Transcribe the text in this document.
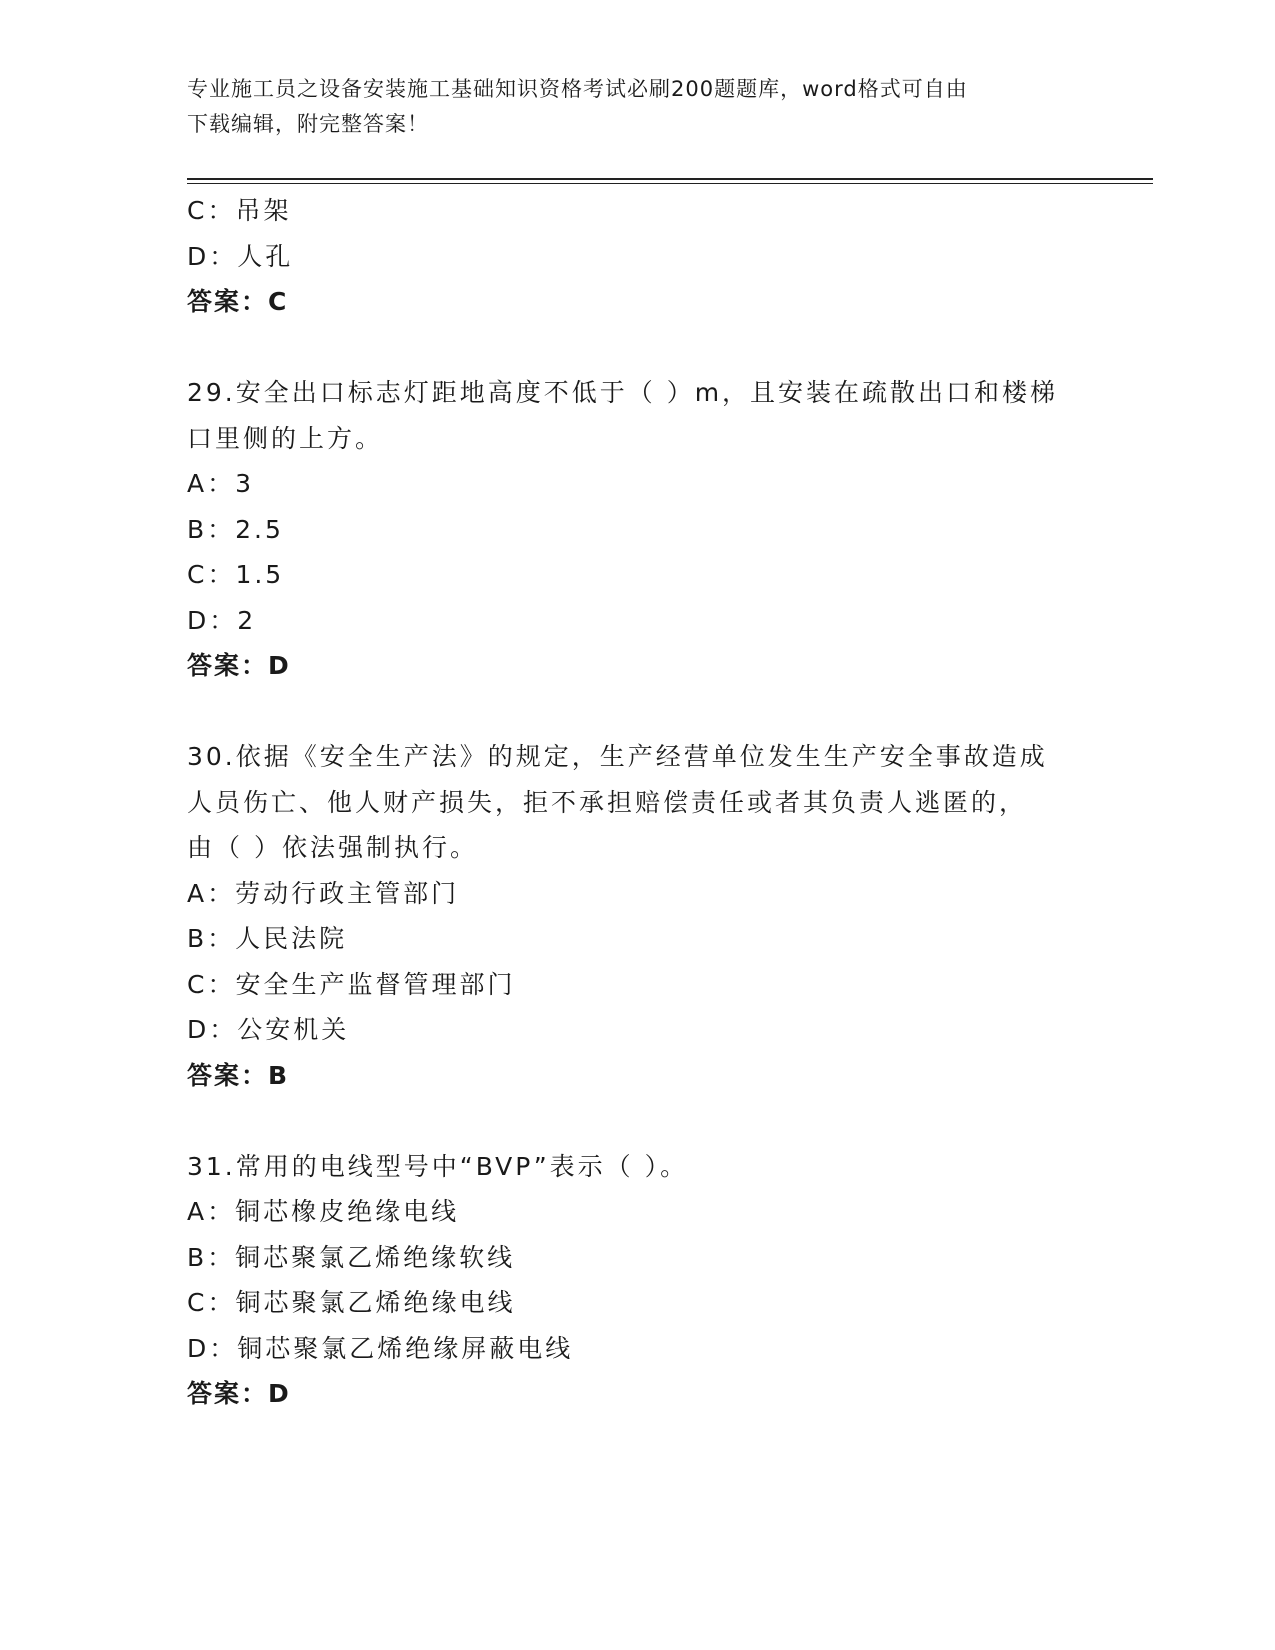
专业施工员之设备安装施工基础知识资格考试必刷200题题库，word格式可自由
下载编辑，附完整答案！
C：吊架
D：人孔
答案：C
29.安全出口标志灯距地高度不低于（ ）m，且安装在疏散出口和楼梯
口里侧的上方。
A：3
B：2.5
C：1.5
D：2
答案：D
30.依据《安全生产法》的规定，生产经营单位发生生产安全事故造成
人员伤亡、他人财产损失，拒不承担赔偿责任或者其负责人逃匿的，
由（ ）依法强制执行。
A：劳动行政主管部门
B：人民法院
C：安全生产监督管理部门
D：公安机关
答案：B
31.常用的电线型号中“BVP”表示（ ）。
A：铜芯橡皮绝缘电线
B：铜芯聚氯乙烯绝缘软线
C：铜芯聚氯乙烯绝缘电线
D：铜芯聚氯乙烯绝缘屏蔽电线
答案：D
